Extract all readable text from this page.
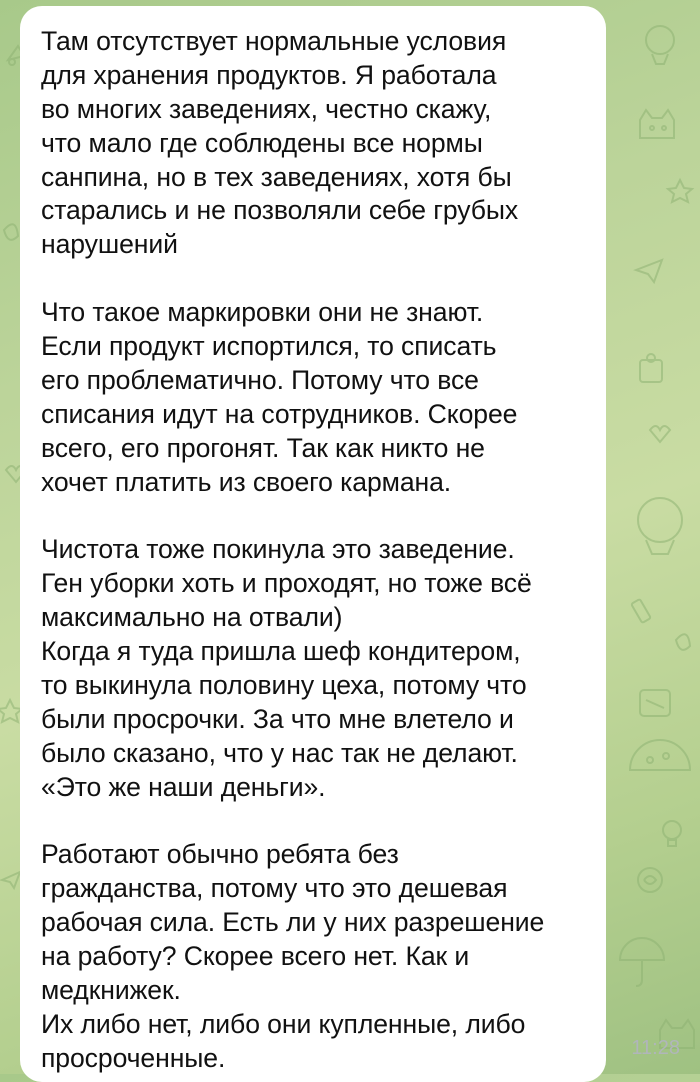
Там отсутствует нормальные условия
для хранения продуктов. Я работала
во многих заведениях, честно скажу,
что мало где соблюдены все нормы
санпина, но в тех заведениях, хотя бы
старались и не позволяли себе грубых
нарушений
Что такое маркировки они не знают.
Если продукт испортился, то списать
его проблематично. Потому что все
списания идут на сотрудников. Скорее
всего, его прогонят. Так как никто не
хочет платить из своего кармана.
Чистота тоже покинула это заведение.
Ген уборки хоть и проходят, но тоже всё
максимально на отвали)
Когда я туда пришла шеф кондитером,
то выкинула половину цеха, потому что
были просрочки. За что мне влетело и
было сказано, что у нас так не делают.
«Это же наши деньги».
Работают обычно ребята без
гражданства, потому что это дешевая
рабочая сила. Есть ли у них разрешение
на работу? Скорее всего нет. Как и
медкнижек.
Их либо нет, либо они купленные, либо
просроченные.	11:28
